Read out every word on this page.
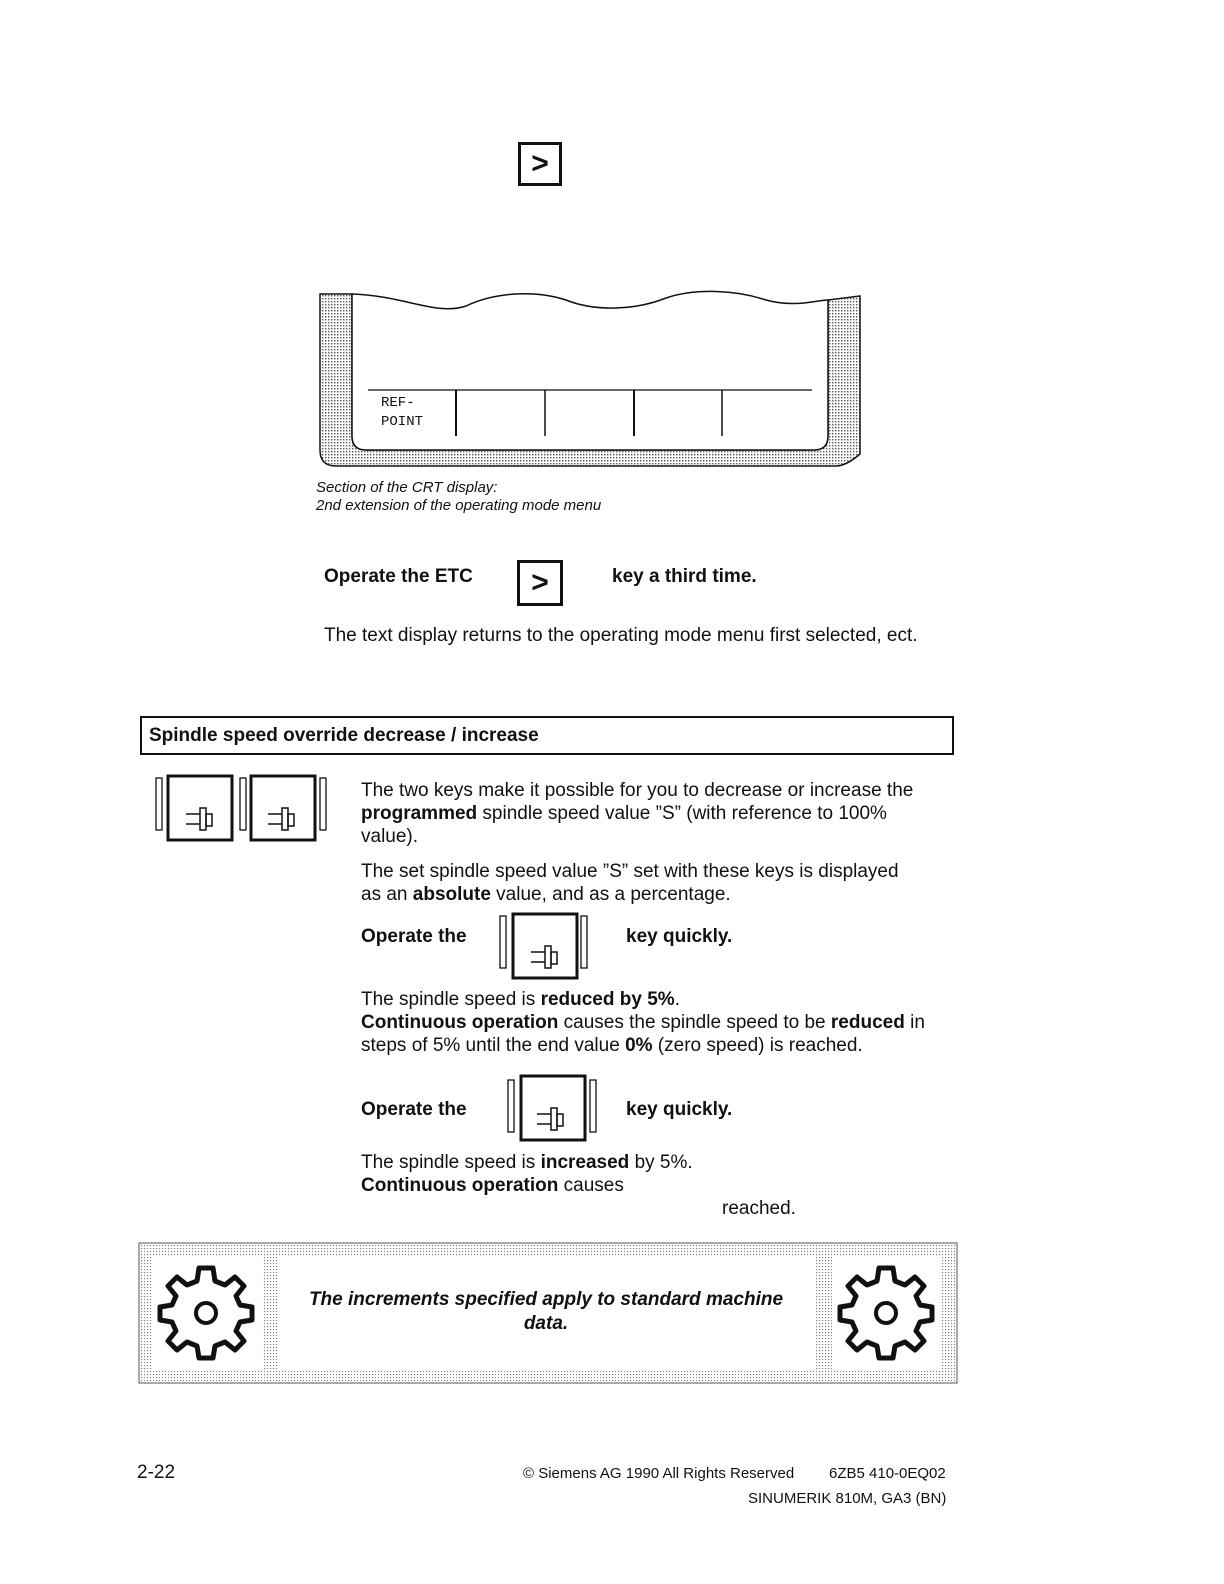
>
REF-
POINT
Section of the CRT display:
2nd extension of the operating mode menu
Operate the ETC >	key a third time.
The text display returns to the operating mode menu first selected, ect.
Spindle speed override decrease / increase
The two keys make it possible for you to decrease or increase the programmed spindle speed value ”S” (with reference to 100% value).
The set spindle speed value ”S” set with these keys is displayed as an absolute value, and as a percentage.
Operate the	key quickly.
The spindle speed is reduced by 5%.
Continuous operation causes the spindle speed to be reduced in steps of 5% until the end value 0% (zero speed) is reached.
Operate the	key quickly.
The spindle speed is increased by 5%.
Continuous operation causes
reached.
The increments specified apply to standard machine data.
2-22	© Siemens AG 1990 All Rights Reserved 6ZB5 410-0EQ02
SINUMERIK 810M, GA3 (BN)
